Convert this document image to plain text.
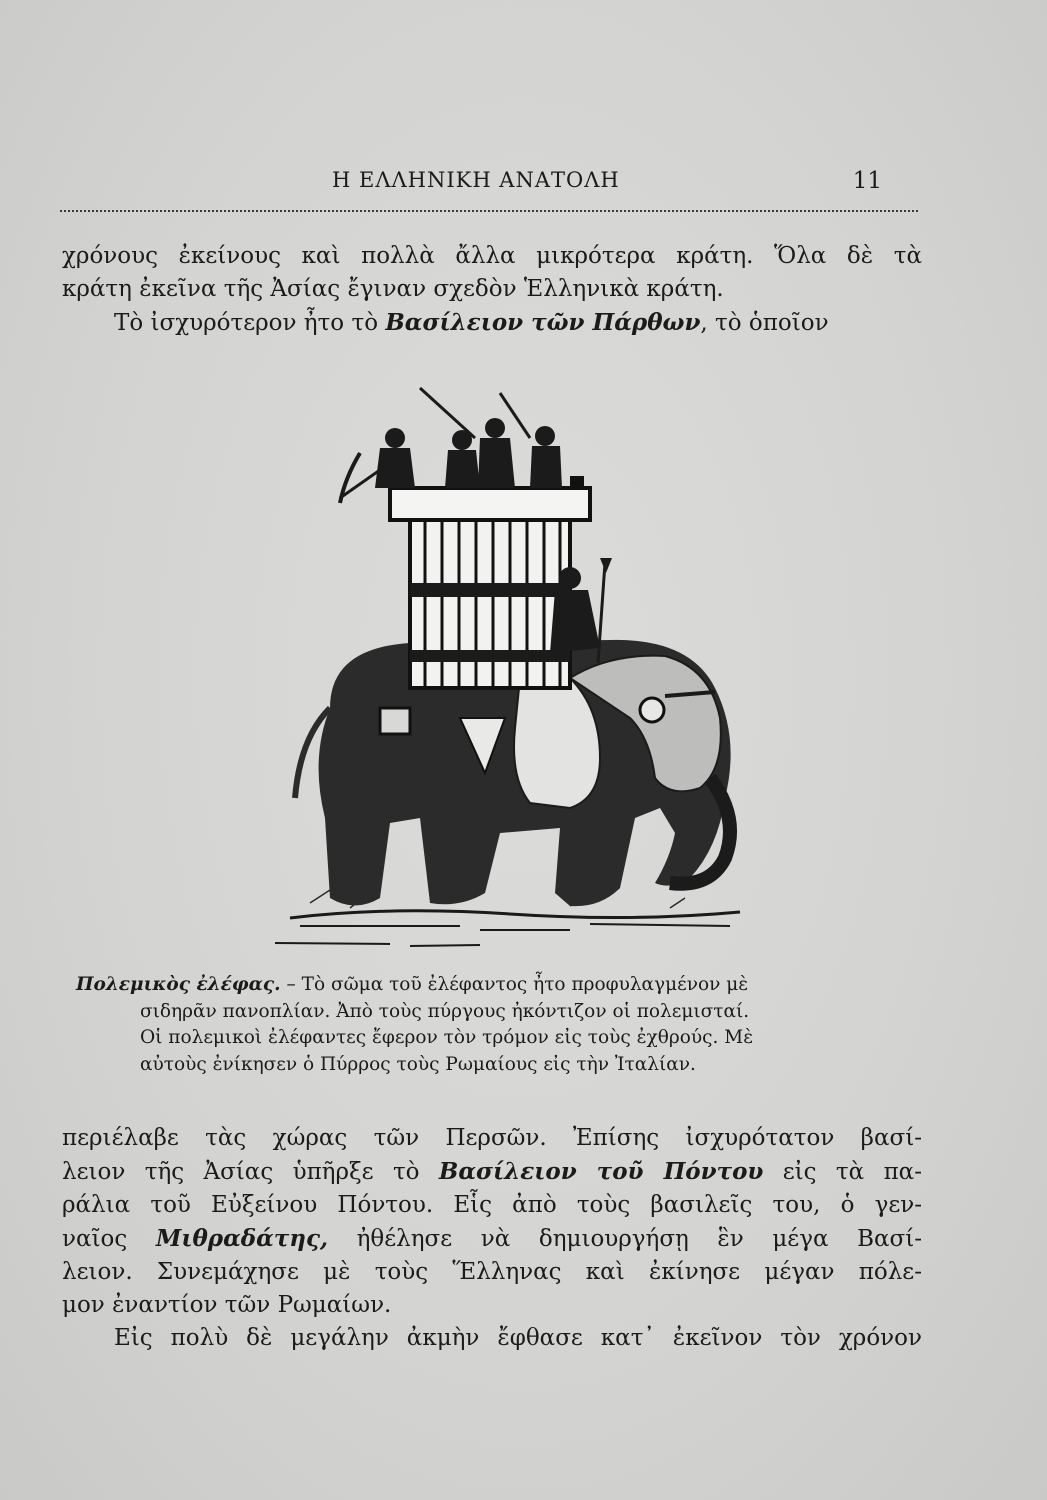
Η ΕΛΛΗΝΙΚΗ ΑΝΑΤΟΛΗ	11
χρόνους ἐκείνους καὶ πολλὰ ἄλλα μικρότερα κράτη. Ὅλα δὲ τὰ
κράτη ἐκεῖνα τῆς Ἀσίας ἔγιναν σχεδὸν Ἑλληνικὰ κράτη.
Τὸ ἰσχυρότερον ἦτο τὸ Βασίλειον τῶν Πάρθων, τὸ ὁποῖον
Πολεμικὸς ἐλέφας. – Τὸ σῶμα τοῦ ἐλέφαντος ἦτο προφυλαγμένον μὲ
σιδηρᾶν πανοπλίαν. Ἀπὸ τοὺς πύργους ἠκόντιζον οἱ πολεμισταί.
Οἱ πολεμικοὶ ἐλέφαντες ἔφερον τὸν τρόμον εἰς τοὺς ἐχθρούς. Μὲ
αὐτοὺς ἐνίκησεν ὁ Πύρρος τοὺς Ρωμαίους εἰς τὴν Ἰταλίαν.
περιέλαβε τὰς χώρας τῶν Περσῶν. Ἐπίσης ἰσχυρότατον βασί-
λειον τῆς Ἀσίας ὑπῆρξε τὸ Βασίλειον τοῦ Πόντου εἰς τὰ πα-
ράλια τοῦ Εὐξείνου Πόντου. Εἷς ἀπὸ τοὺς βασιλεῖς του, ὁ γεν-
ναῖος Μιθραδάτης, ἠθέλησε νὰ δημιουργήσῃ ἓν μέγα Βασί-
λειον. Συνεμάχησε μὲ τοὺς Ἕλληνας καὶ ἐκίνησε μέγαν πόλε-
μον ἐναντίον τῶν Ρωμαίων.
Εἰς πολὺ δὲ μεγάλην ἀκμὴν ἔφθασε κατ᾽ ἐκεῖνον τὸν χρόνον
